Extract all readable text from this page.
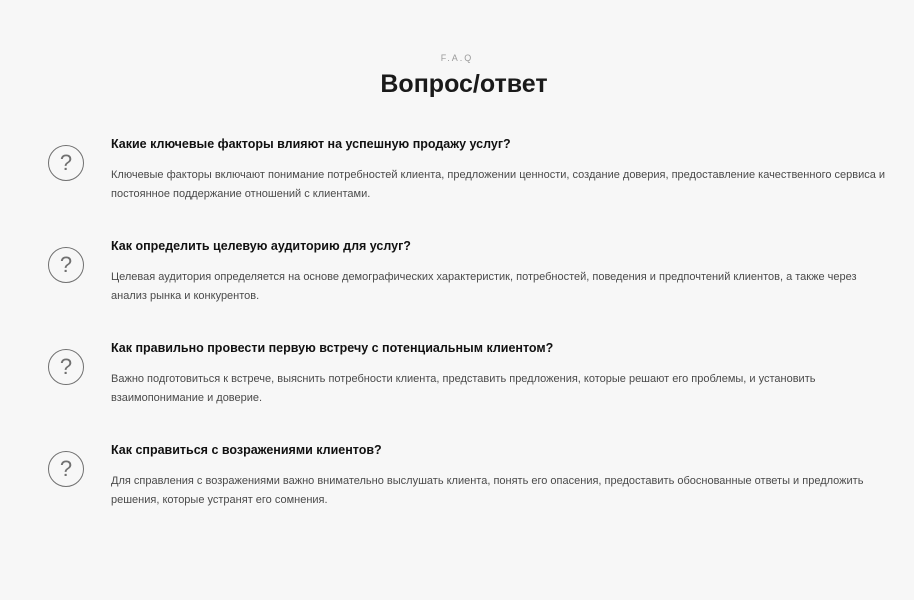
F.A.Q
Вопрос/ответ
?
Какие ключевые факторы влияют на успешную продажу услуг?

Ключевые факторы включают понимание потребностей клиента, предложении ценности, создание доверия, предоставление качественного сервиса и постоянное поддержание отношений с клиентами.

?
Как определить целевую аудиторию для услуг?

Целевая аудитория определяется на основе демографических характеристик, потребностей, поведения и предпочтений клиентов, а также через анализ рынка и конкурентов.

?
Как правильно провести первую встречу с потенциальным клиентом?

Важно подготовиться к встрече, выяснить потребности клиента, представить предложения, которые решают его проблемы, и установить взаимопонимание и доверие.

?
Как справиться с возражениями клиентов?

Для справления с возражениями важно внимательно выслушать клиента, понять его опасения, предоставить обоснованные ответы и предложить решения, которые устранят его сомнения.
